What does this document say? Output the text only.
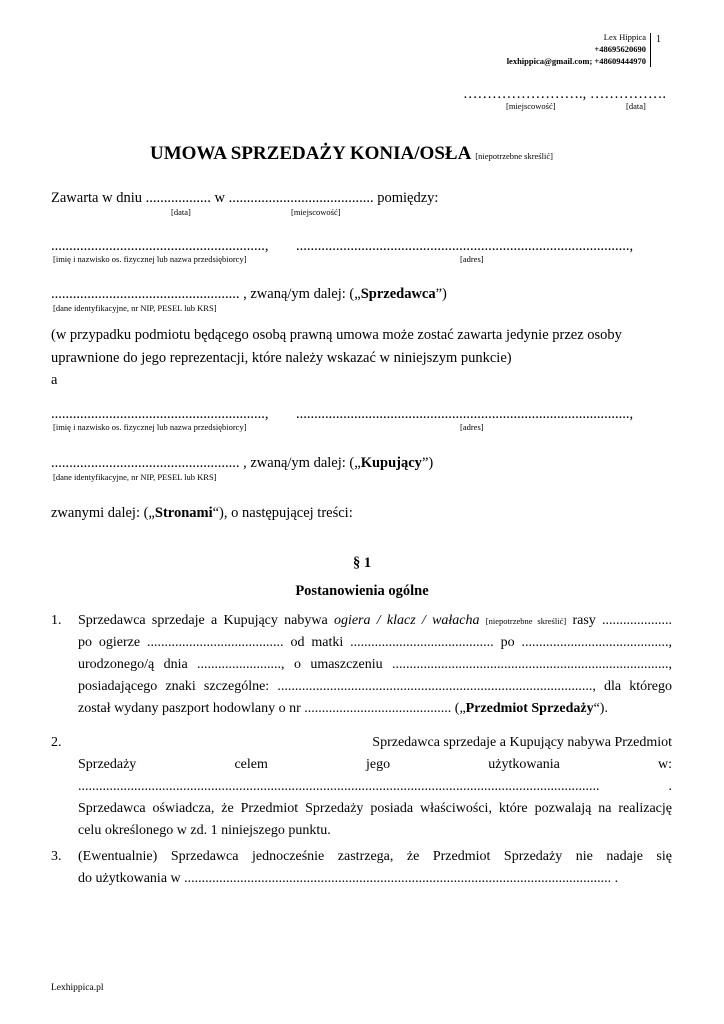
Lex Hippica
+48695620690
lexhippica@gmail.com; +48609444970
1
……………………., …………….
[miejscowość]	[data]
UMOWA SPRZEDAŻY KONIA/OSŁA [niepotrzebne skreślić]
Zawarta w dniu .................. w ........................................ pomiędzy:
[data]	[miejscowość]
..........................................................., ............................................................................................,
[imię i nazwisko os. fizycznej lub nazwa przedsiębiorcy]	[adres]
.................................................... , zwaną/ym dalej: („Sprzedawca”)
[dane identyfikacyjne, nr NIP, PESEL lub KRS]
(w przypadku podmiotu będącego osobą prawną umowa może zostać zawarta jedynie przez osoby
uprawnione do jego reprezentacji, które należy wskazać w niniejszym punkcie)
a
..........................................................., ............................................................................................,
[imię i nazwisko os. fizycznej lub nazwa przedsiębiorcy]	[adres]
.................................................... , zwaną/ym dalej: („Kupujący”)
[dane identyfikacyjne, nr NIP, PESEL lub KRS]
zwanymi dalej: („Stronami“), o następującej treści:
§ 1
Postanowienia ogólne
1. Sprzedawca sprzedaje a Kupujący nabywa ogiera / klacz / wałacha [niepotrzebne skreślić] rasy ....................
po ogierze ....................................... od matki ......................................... po ..........................................,
urodzonego/ą dnia ........................, o umaszczeniu ...............................................................................,
posiadającego znaki szczególne: .........................................................................................., dla którego
został wydany paszport hodowlany o nr .......................................... („Przedmiot Sprzedaży“).
2.	Sprzedawca sprzedaje a Kupujący nabywa Przedmiot
Sprzedaży celem jego użytkowania w:
..................................................................................................................................................... .
Sprzedawca oświadcza, że Przedmiot Sprzedaży posiada właściwości, które pozwalają na realizację
celu określonego w zd. 1 niniejszego punktu.
3. (Ewentualnie) Sprzedawca jednocześnie zastrzega, że Przedmiot Sprzedaży nie nadaje się
do użytkowania w .......................................................................................................................... .
Lexhippica.pl
